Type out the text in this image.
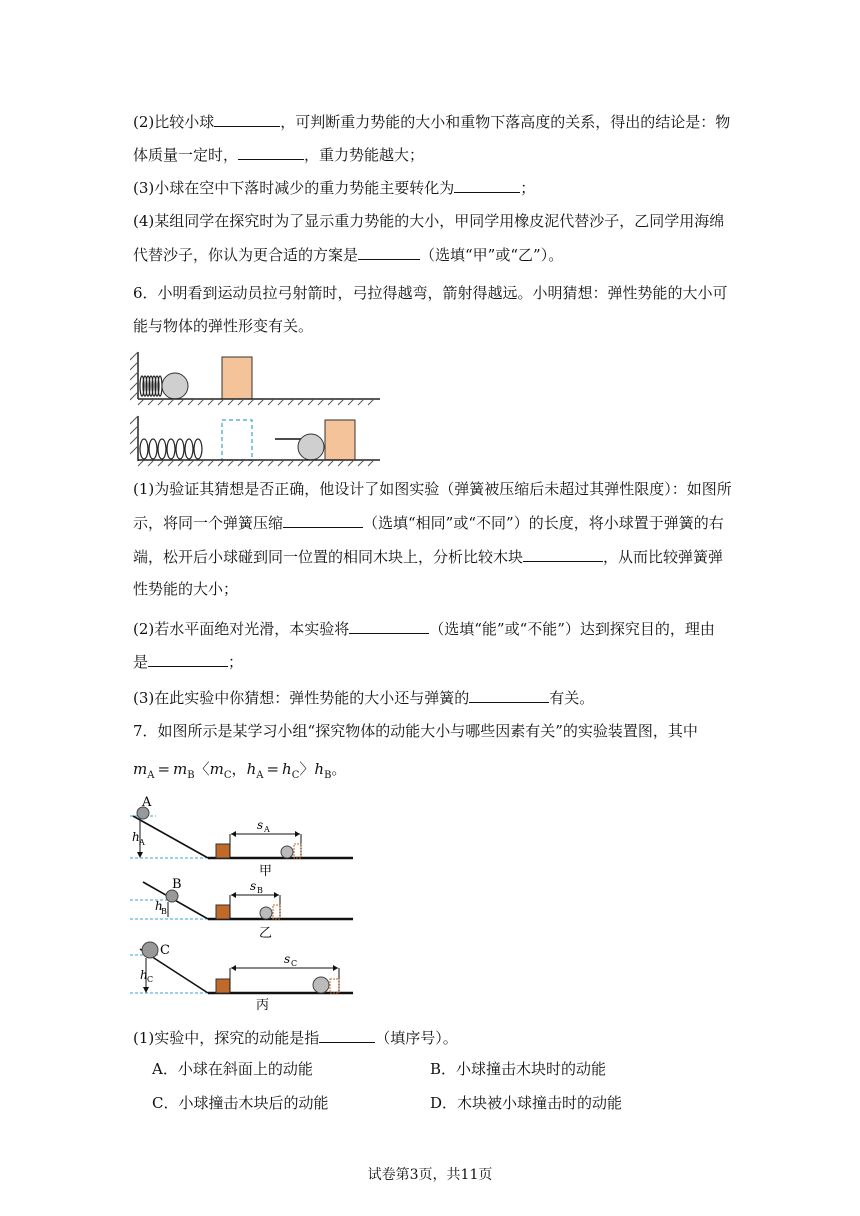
(2)比较小球	，可判断重力势能的大小和重物下落高度的关系，得出的结论是：物
体质量一定时，	，重力势能越大；
(3)小球在空中下落时减少的重力势能主要转化为	；
(4)某组同学在探究时为了显示重力势能的大小，甲同学用橡皮泥代替沙子，乙同学用海绵
代替沙子，你认为更合适的方案是	（选填“甲”或“乙”）。
6．小明看到运动员拉弓射箭时，弓拉得越弯，箭射得越远。小明猜想：弹性势能的大小可
能与物体的弹性形变有关。
(1)为验证其猜想是否正确，他设计了如图实验（弹簧被压缩后未超过其弹性限度）：如图所
示，将同一个弹簧压缩	（选填“相同”或“不同”）的长度，将小球置于弹簧的右
端，松开后小球碰到同一位置的相同木块上，分析比较木块	，从而比较弹簧弹
性势能的大小；
(2)若水平面绝对光滑，本实验将	（选填“能”或“不能”）达到探究目的，理由
是	；
(3)在此实验中你猜想：弹性势能的大小还与弹簧的	有关。
7．如图所示是某学习小组“探究物体的动能大小与哪些因素有关”的实验装置图，其中
$m_A = m_B$〈$m_C$，$h_A = h_C$〉$h_B$。
A
h A
s A
甲
B
h
B
s B
乙
C
h C
s C
丙
(1)实验中，探究的动能是指	（填序号）。
A．小球在斜面上的动能	B．小球撞击木块时的动能
C．小球撞击木块后的动能	D．木块被小球撞击时的动能
试卷第3页，共11页
